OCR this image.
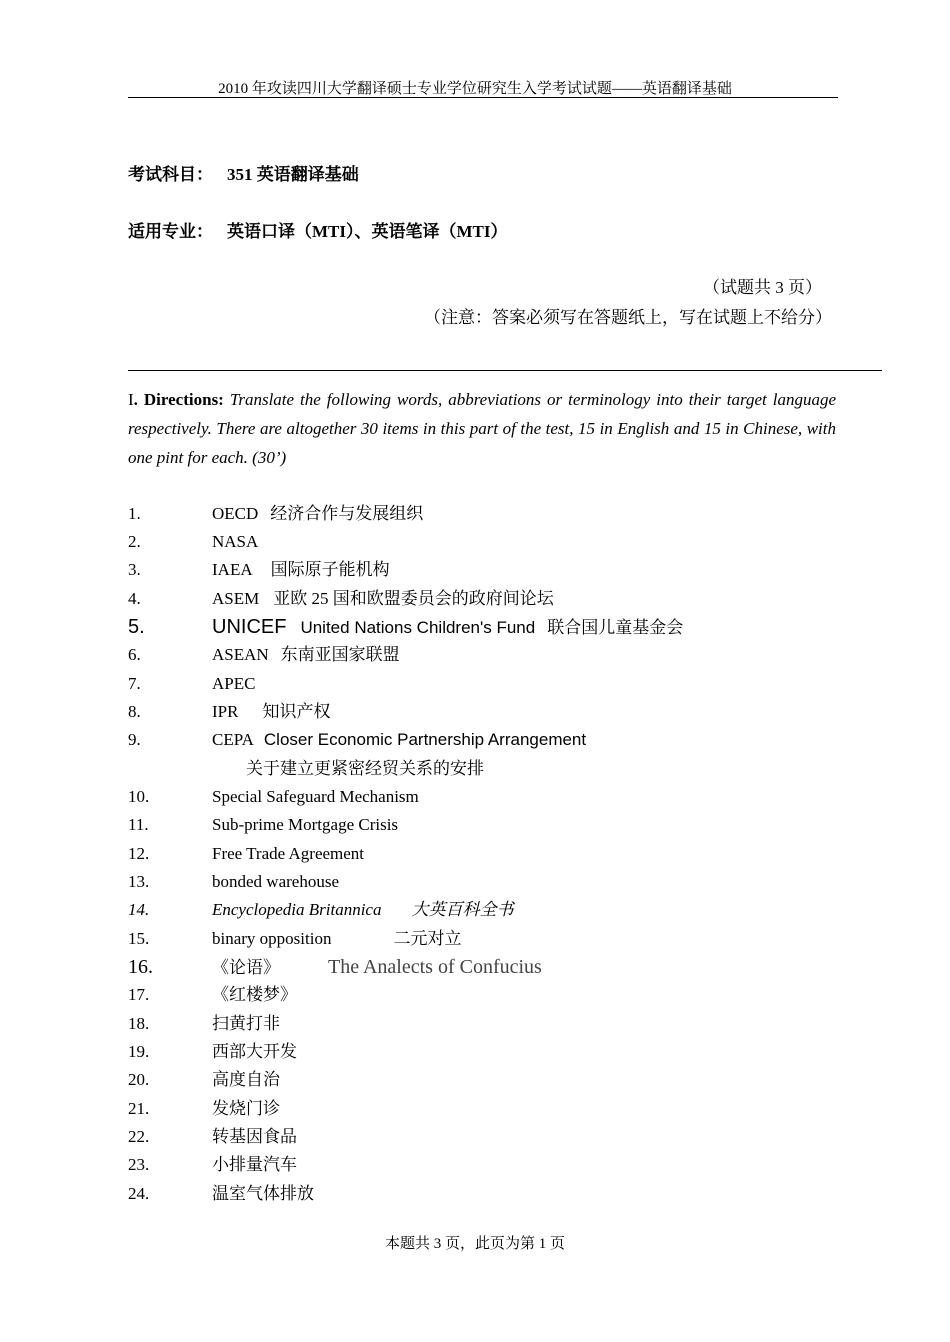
2010 年攻读四川大学翻译硕士专业学位研究生入学考试试题——英语翻译基础
考试科目： 351 英语翻译基础
适用专业： 英语口译（MTI）、英语笔译（MTI）
（试题共 3 页）
（注意：答案必须写在答题纸上，写在试题上不给分）
I. Directions: Translate the following words, abbreviations or terminology into their target language respectively. There are altogether 30 items in this part of the test, 15 in English and 15 in Chinese, with one pint for each. (30’)
1.	OECD 经济合作与发展组织
2.	NASA
3.	IAEA 国际原子能机构
4.	ASEM 亚欧 25 国和欧盟委员会的政府间论坛
5.	UNICEF United Nations Children's Fund 联合国儿童基金会
6.	ASEAN 东南亚国家联盟
7.	APEC
8.	IPR 知识产权
9.	CEPA Closer Economic Partnership Arrangement
关于建立更紧密经贸关系的安排
10.	Special Safeguard Mechanism
11.	Sub-prime Mortgage Crisis
12.	Free Trade Agreement
13.	bonded warehouse
14.	Encyclopedia Britannica 大英百科全书
15.	binary opposition	二元对立
16.	《论语》 The Analects of Confucius
17.	《红楼梦》
18.	扫黄打非
19.	西部大开发
20.	高度自治
21.	发烧门诊
22.	转基因食品
23.	小排量汽车
24.	温室气体排放
本题共 3 页，此页为第 1 页
